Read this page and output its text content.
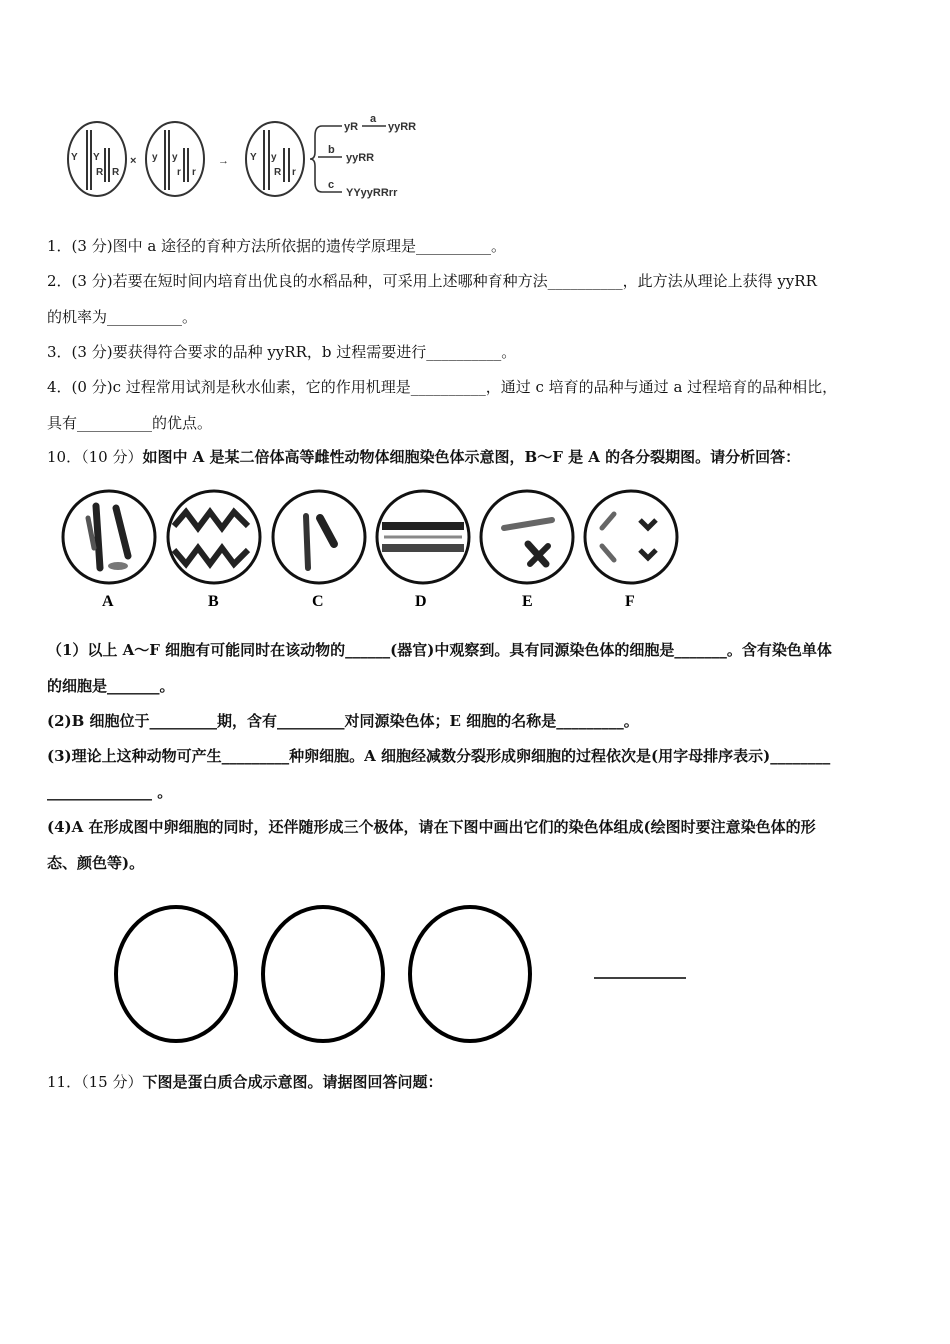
Y Y
R R
× y y
r r
→ Y y
R r
yR
a
yyRR
b
yyRR
c
YYyyRRrr
1．(3 分)图中 a 途径的育种方法所依据的遗传学原理是__________。
2．(3 分)若要在短时间内培育出优良的水稻品种，可采用上述哪种育种方法__________，此方法从理论上获得 yyRR
的机率为__________。
3．(3 分)要获得符合要求的品种 yyRR，b 过程需要进行__________。
4．(0 分)c 过程常用试剂是秋水仙素，它的作用机理是__________，通过 c 培育的品种与通过 a 过程培育的品种相比，
具有__________的优点。
10．（10 分）如图中 A 是某二倍体高等雌性动物体细胞染色体示意图，B～F 是 A 的各分裂期图。请分析回答：
A	B	C	D	E	F
（1）以上 A～F 细胞有可能同时在该动物的______(器官)中观察到。具有同源染色体的细胞是_______。含有染色单体
的细胞是_______。
(2)B 细胞位于_________期，含有_________对同源染色体；E 细胞的名称是_________。
(3)理论上这种动物可产生_________种卵细胞。A 细胞经减数分裂形成卵细胞的过程依次是(用字母排序表示)________
______________ 。
(4)A 在形成图中卵细胞的同时，还伴随形成三个极体，请在下图中画出它们的染色体组成(绘图时要注意染色体的形
态、颜色等)。
11．（15 分）下图是蛋白质合成示意图。请据图回答问题：
